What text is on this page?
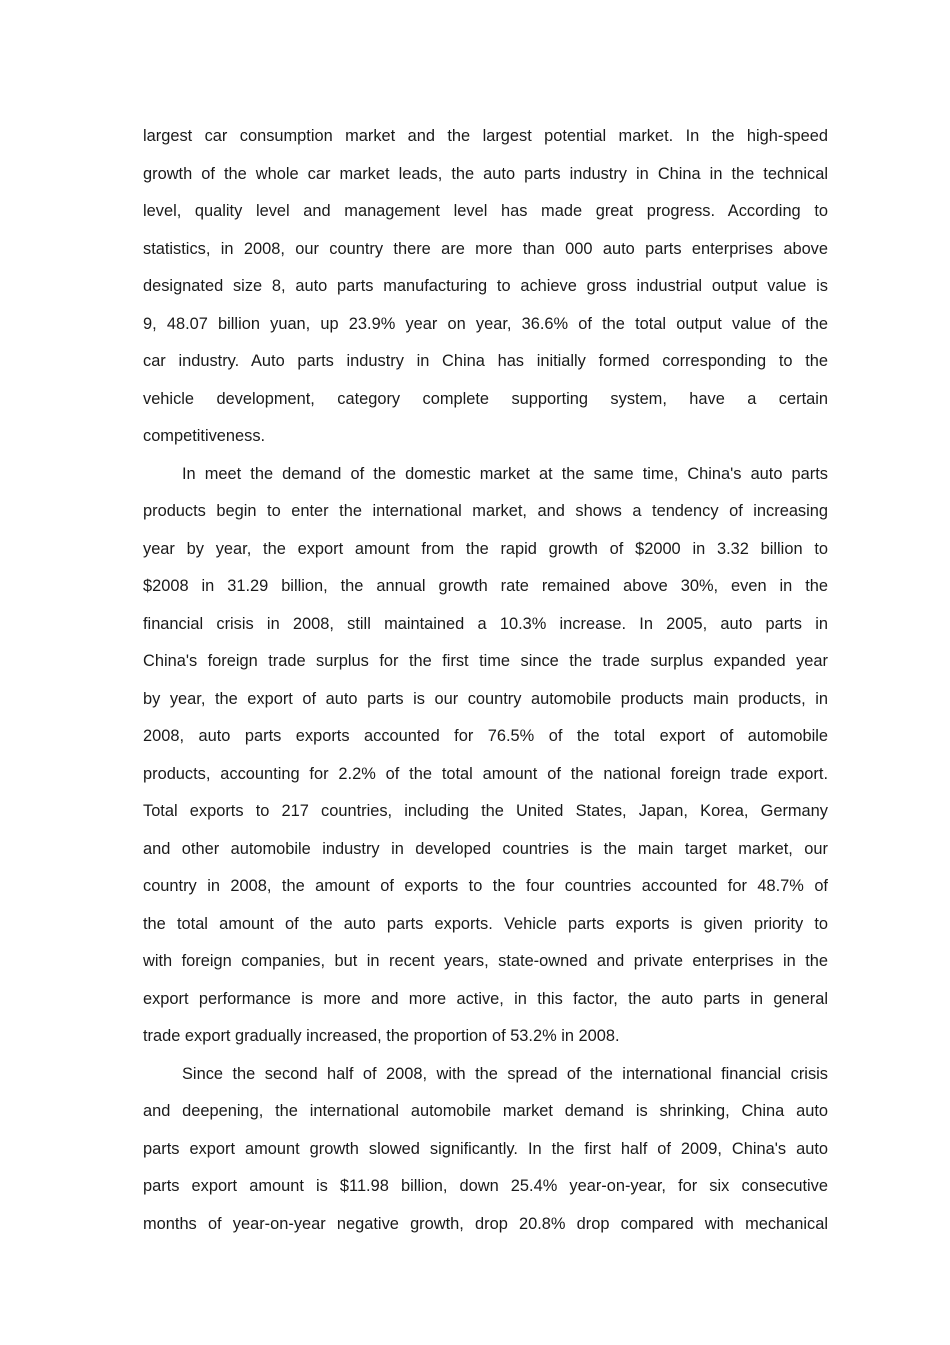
largest car consumption market and the largest potential market. In the high-speed
growth of the whole car market leads, the auto parts industry in China in the technical
level, quality level and management level has made great progress. According to
statistics, in 2008, our country there are more than 000 auto parts enterprises above
designated size 8, auto parts manufacturing to achieve gross industrial output value is
9, 48.07 billion yuan, up 23.9% year on year, 36.6% of the total output value of the
car industry. Auto parts industry in China has initially formed corresponding to the
vehicle development, category complete supporting system, have a certain
competitiveness.
In meet the demand of the domestic market at the same time, China's auto parts
products begin to enter the international market, and shows a tendency of increasing
year by year, the export amount from the rapid growth of $2000 in 3.32 billion to
$2008 in 31.29 billion, the annual growth rate remained above 30%, even in the
financial crisis in 2008, still maintained a 10.3% increase. In 2005, auto parts in
China's foreign trade surplus for the first time since the trade surplus expanded year
by year, the export of auto parts is our country automobile products main products, in
2008, auto parts exports accounted for 76.5% of the total export of automobile
products, accounting for 2.2% of the total amount of the national foreign trade export.
Total exports to 217 countries, including the United States, Japan, Korea, Germany
and other automobile industry in developed countries is the main target market, our
country in 2008, the amount of exports to the four countries accounted for 48.7% of
the total amount of the auto parts exports. Vehicle parts exports is given priority to
with foreign companies, but in recent years, state-owned and private enterprises in the
export performance is more and more active, in this factor, the auto parts in general
trade export gradually increased, the proportion of 53.2% in 2008.
Since the second half of 2008, with the spread of the international financial crisis
and deepening, the international automobile market demand is shrinking, China auto
parts export amount growth slowed significantly. In the first half of 2009, China's auto
parts export amount is $11.98 billion, down 25.4% year-on-year, for six consecutive
months of year-on-year negative growth, drop 20.8% drop compared with mechanical
